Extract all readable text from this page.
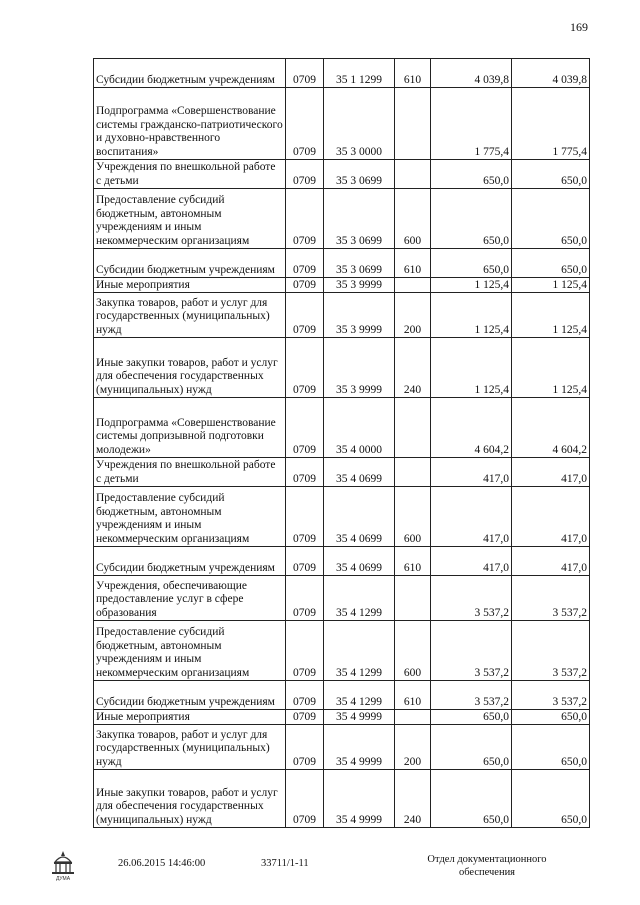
169
Субсидии бюджетным учреждениям	0709	35 1 1299	610	4 039,8	4 039,8
Подпрограмма «Совершенствование системы гражданско-патриотического и духовно-нравственного воспитания»	0709	35 3 0000		1 775,4	1 775,4
Учреждения по внешкольной работе с детьми	0709	35 3 0699		650,0	650,0
Предоставление субсидий бюджетным, автономным учреждениям и иным некоммерческим организациям	0709	35 3 0699	600	650,0	650,0
Субсидии бюджетным учреждениям	0709	35 3 0699	610	650,0	650,0
Иные мероприятия	0709	35 3 9999		1 125,4	1 125,4
Закупка товаров, работ и услуг для государственных (муниципальных) нужд	0709	35 3 9999	200	1 125,4	1 125,4
Иные закупки товаров, работ и услуг для обеспечения государственных (муниципальных) нужд	0709	35 3 9999	240	1 125,4	1 125,4
Подпрограмма «Совершенствование системы допризывной подготовки молодежи»	0709	35 4 0000		4 604,2	4 604,2
Учреждения по внешкольной работе с детьми	0709	35 4 0699		417,0	417,0
Предоставление субсидий бюджетным, автономным учреждениям и иным некоммерческим организациям	0709	35 4 0699	600	417,0	417,0
Субсидии бюджетным учреждениям	0709	35 4 0699	610	417,0	417,0
Учреждения, обеспечивающие предоставление услуг в сфере образования	0709	35 4 1299		3 537,2	3 537,2
Предоставление субсидий бюджетным, автономным учреждениям и иным некоммерческим организациям	0709	35 4 1299	600	3 537,2	3 537,2
Субсидии бюджетным учреждениям	0709	35 4 1299	610	3 537,2	3 537,2
Иные мероприятия	0709	35 4 9999		650,0	650,0
Закупка товаров, работ и услуг для государственных (муниципальных) нужд	0709	35 4 9999	200	650,0	650,0
Иные закупки товаров, работ и услуг для обеспечения государственных (муниципальных) нужд	0709	35 4 9999	240	650,0	650,0
ДУМА
26.06.2015 14:46:00	33711/1-11	Отдел документационного обеспечения
